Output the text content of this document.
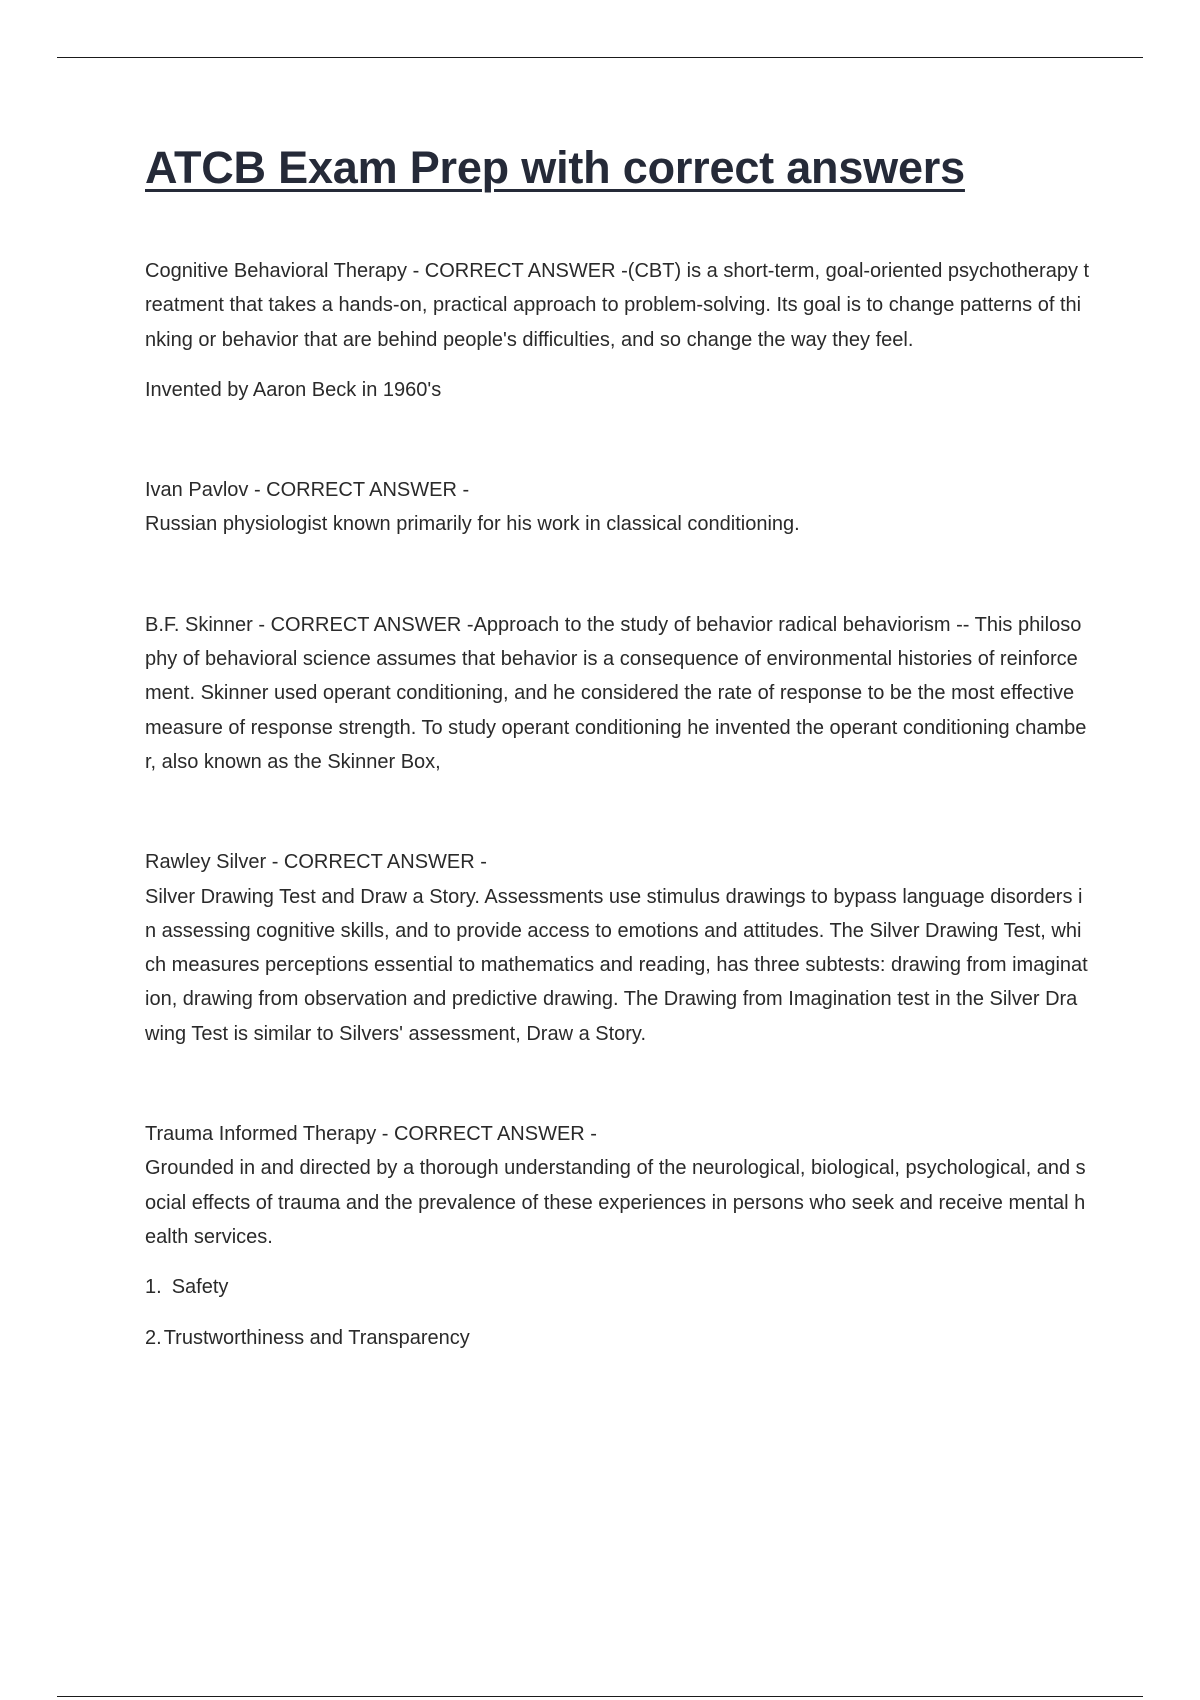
ATCB Exam Prep with correct answers

Cognitive Behavioral Therapy - CORRECT ANSWER -(CBT) is a short-term, goal-oriented psychotherapy treatment that takes a hands-on, practical approach to problem-solving. Its goal is to change patterns of thinking or behavior that are behind people's difficulties, and so change the way they feel.

Invented by Aaron Beck in 1960's

Ivan Pavlov - CORRECT ANSWER -
Russian physiologist known primarily for his work in classical conditioning.

B.F. Skinner - CORRECT ANSWER -Approach to the study of behavior radical behaviorism -- This philosophy of behavioral science assumes that behavior is a consequence of environmental histories of reinforcement. Skinner used operant conditioning, and he considered the rate of response to be the most effective measure of response strength. To study operant conditioning he invented the operant conditioning chamber, also known as the Skinner Box,

Rawley Silver - CORRECT ANSWER -
Silver Drawing Test and Draw a Story. Assessments use stimulus drawings to bypass language disorders in assessing cognitive skills, and to provide access to emotions and attitudes. The Silver Drawing Test, which measures perceptions essential to mathematics and reading, has three subtests: drawing from imagination, drawing from observation and predictive drawing. The Drawing from Imagination test in the Silver Drawing Test is similar to Silvers' assessment, Draw a Story.

Trauma Informed Therapy - CORRECT ANSWER -
Grounded in and directed by a thorough understanding of the neurological, biological, psychological, and social effects of trauma and the prevalence of these experiences in persons who seek and receive mental health services.

1. Safety

2. Trustworthiness and Transparency
